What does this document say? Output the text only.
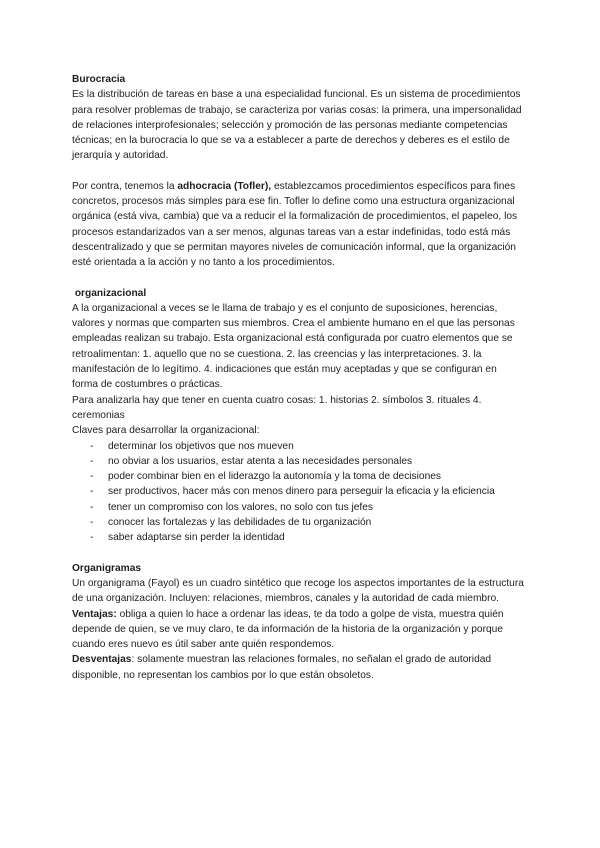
Burocracia

Es la distribución de tareas en base a una especialidad funcional. Es un sistema de procedimientos para resolver problemas de trabajo, se caracteriza por varias cosas: la primera, una impersonalidad de relaciones interprofesionales; selección y promoción de las personas mediante competencias técnicas; en la burocracia lo que se va a establecer a parte de derechos y deberes es el estilo de jerarquía y autoridad.

Por contra, tenemos la adhocracia (Tofler), establezcamos procedimientos específicos para fines concretos, procesos más simples para ese fin. Tofler lo define como una estructura organizacional orgánica (está viva, cambia) que va a reducir el la formalización de procedimientos, el papeleo, los procesos estandarizados van a ser menos, algunas tareas van a estar indefinidas, todo está más descentralizado y que se permitan mayores niveles de comunicación informal, que la organización esté orientada a la acción y no tanto a los procedimientos.

organizacional

A la organizacional a veces se le llama de trabajo y es el conjunto de suposiciones, herencias, valores y normas que comparten sus miembros. Crea el ambiente humano en el que las personas empleadas realizan su trabajo. Esta organizacional está configurada por cuatro elementos que se retroalimentan: 1. aquello que no se cuestiona. 2. las creencias y las interpretaciones. 3. la manifestación de lo legítimo. 4. indicaciones que están muy aceptadas y que se configuran en forma de costumbres o prácticas.

Para analizarla hay que tener en cuenta cuatro cosas: 1. historias 2. símbolos 3. rituales 4. ceremonias

Claves para desarrollar la organizacional:

- determinar los objetivos que nos mueven
- no obviar a los usuarios, estar atenta a las necesidades personales
- poder combinar bien en el liderazgo la autonomía y la toma de decisiones
- ser productivos, hacer más con menos dinero para perseguir la eficacia y la eficiencia
- tener un compromiso con los valores, no solo con tus jefes
- conocer las fortalezas y las debilidades de tu organización
- saber adaptarse sin perder la identidad

Organigramas

Un organigrama (Fayol) es un cuadro sintético que recoge los aspectos importantes de la estructura de una organización. Incluyen: relaciones, miembros, canales y la autoridad de cada miembro.

Ventajas: obliga a quien lo hace a ordenar las ideas, te da todo a golpe de vista, muestra quién depende de quien, se ve muy claro, te da información de la historia de la organización y porque cuando eres nuevo es útil saber ante quién respondemos.

Desventajas: solamente muestran las relaciones formales, no señalan el grado de autoridad disponible, no representan los cambios por lo que están obsoletos.
